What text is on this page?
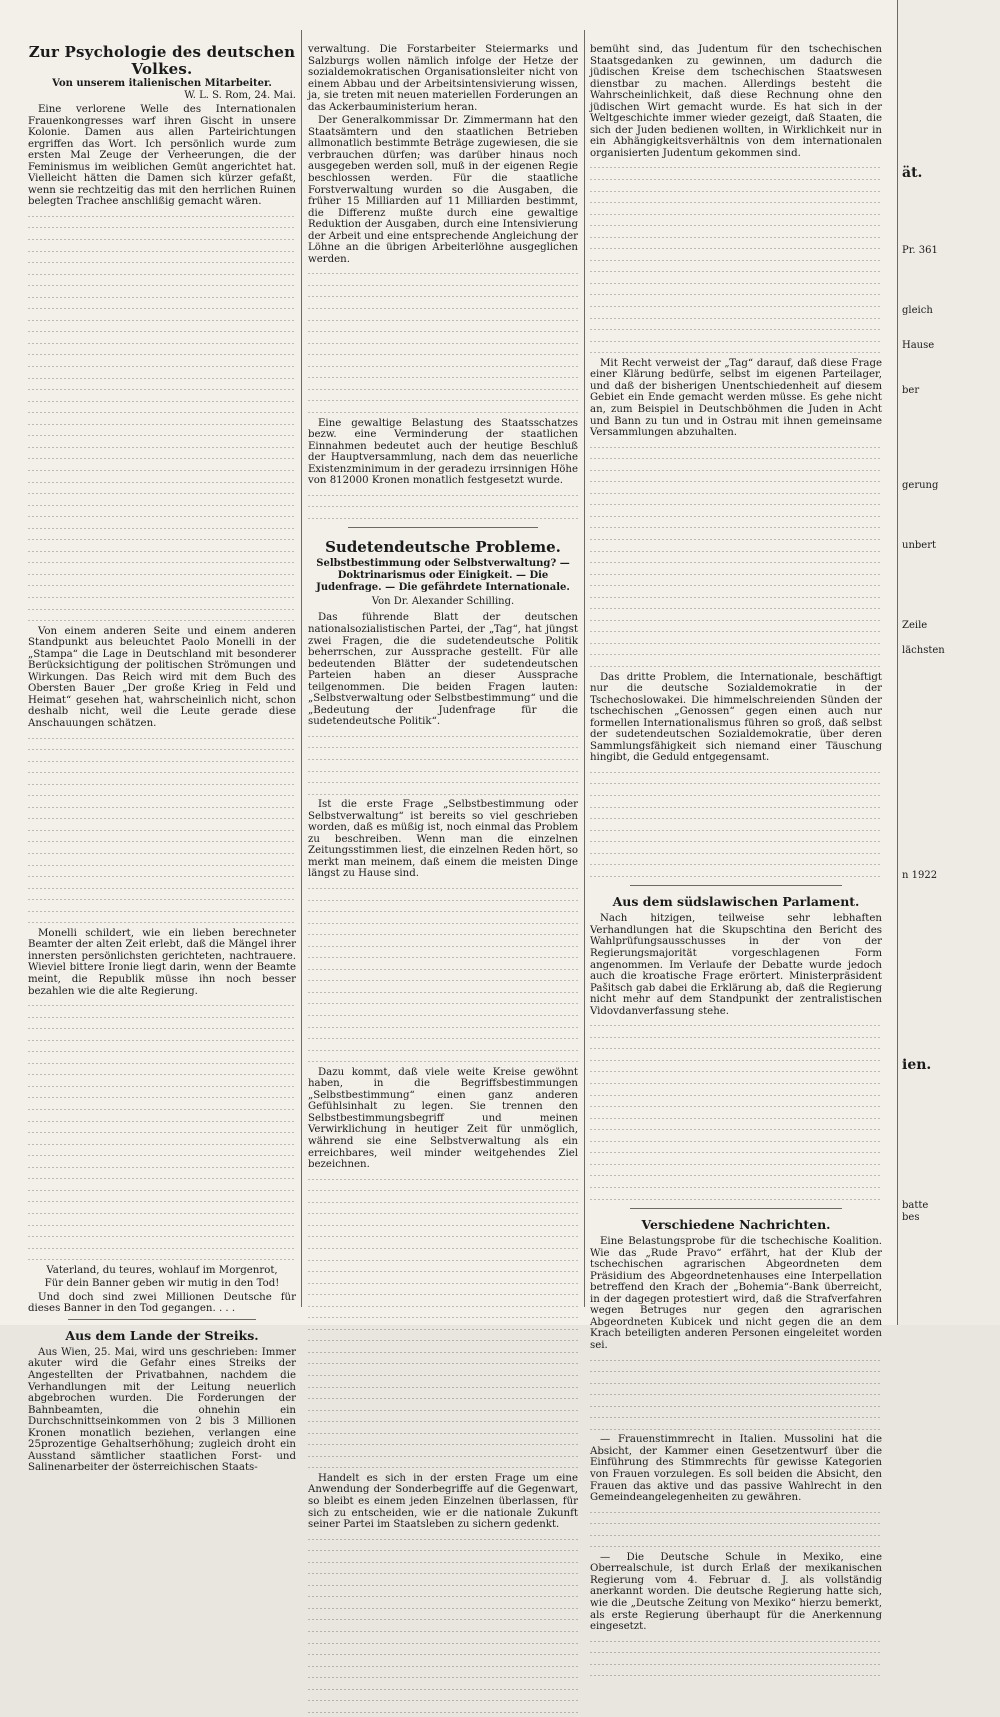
Zur Psychologie des deutschen Volkes.
Von unserem italienischen Mitarbeiter.
W. L. S. Rom, 24. Mai.

Eine verlorene Welle des Internationalen Frauenkongresses warf ihren Gischt in unsere Kolonie. Damen aus allen Parteirichtungen ergriffen das Wort. Ich persönlich wurde zum ersten Mal Zeuge der Verheerungen, die der Feminismus im weiblichen Gemüt angerichtet hat. Vielleicht hätten die Damen sich kürzer gefaßt, wenn sie rechtzeitig das mit den herrlichen Ruinen belegten Trachee anschlißig gemacht wären.

Von einem anderen Seite und einem anderen Standpunkt aus beleuchtet Paolo Monelli in der „Stampa“ die Lage in Deutschland mit besonderer Berücksichtigung der politischen Strömungen und Wirkungen. Das Reich wird mit dem Buch des Obersten Bauer „Der große Krieg in Feld und Heimat“ gesehen hat, wahrscheinlich nicht, schon deshalb nicht, weil die Leute gerade diese Anschauungen schätzen.

Monelli schildert, wie ein lieben berechneter Beamter der alten Zeit erlebt, daß die Mängel ihrer innersten persönlichsten gerichteten, nachtrauere. Wieviel bittere Ironie liegt darin, wenn der Beamte meint, die Republik müsse ihn noch besser bezahlen wie die alte Regierung.

Vaterland, du teures, wohlauf im Morgenrot,

Für dein Banner geben wir mutig in den Tod!

Und doch sind zwei Millionen Deutsche für dieses Banner in den Tod gegangen. . . .

Aus dem Lande der Streiks.

Aus Wien, 25. Mai, wird uns geschrieben: Immer akuter wird die Gefahr eines Streiks der Angestellten der Privatbahnen, nachdem die Verhandlungen mit der Leitung neuerlich abgebrochen wurden. Die Forderungen der Bahnbeamten, die ohnehin ein Durchschnittseinkommen von 2 bis 3 Millionen Kronen monatlich beziehen, verlangen eine 25prozentige Gehaltserhöhung; zugleich droht ein Ausstand sämtlicher staatlichen Forst- und Salinenarbeiter der österreichischen Staats-

verwaltung. Die Forstarbeiter Steiermarks und Salzburgs wollen nämlich infolge der Hetze der sozialdemokratischen Organisationsleiter nicht von einem Abbau und der Arbeitsintensivierung wissen, ja, sie treten mit neuen materiellen Forderungen an das Ackerbauministerium heran.

Der Generalkommissar Dr. Zimmermann hat den Staatsämtern und den staatlichen Betrieben allmonatlich bestimmte Beträge zugewiesen, die sie verbrauchen dürfen; was darüber hinaus noch ausgegeben werden soll, muß in der eigenen Regie beschlossen werden. Für die staatliche Forstverwaltung wurden so die Ausgaben, die früher 15 Milliarden auf 11 Milliarden bestimmt, die Differenz mußte durch eine gewaltige Reduktion der Ausgaben, durch eine Intensivierung der Arbeit und eine entsprechende Angleichung der Löhne an die übrigen Arbeiterlöhne ausgeglichen werden.

Eine gewaltige Belastung des Staatsschatzes bezw. eine Verminderung der staatlichen Einnahmen bedeutet auch der heutige Beschluß der Hauptversammlung, nach dem das neuerliche Existenzminimum in der geradezu irrsinnigen Höhe von 812000 Kronen monatlich festgesetzt wurde.

Sudetendeutsche Probleme.
Selbstbestimmung oder Selbstverwaltung? — Doktrinarismus oder Einigkeit. — Die Judenfrage. — Die gefährdete Internationale.
Von Dr. Alexander Schilling.

Das führende Blatt der deutschen nationalsozialistischen Partei, der „Tag“, hat jüngst zwei Fragen, die die sudetendeutsche Politik beherrschen, zur Aussprache gestellt. Für alle bedeutenden Blätter der sudetendeutschen Parteien haben an dieser Aussprache teilgenommen. Die beiden Fragen lauten: „Selbstverwaltung oder Selbstbestimmung“ und die „Bedeutung der Judenfrage für die sudetendeutsche Politik“.

Ist die erste Frage „Selbstbestimmung oder Selbstverwaltung“ ist bereits so viel geschrieben worden, daß es müßig ist, noch einmal das Problem zu beschreiben. Wenn man die einzelnen Zeitungsstimmen liest, die einzelnen Reden hört, so merkt man meinem, daß einem die meisten Dinge längst zu Hause sind.

Dazu kommt, daß viele weite Kreise gewöhnt haben, in die Begriffsbestimmungen „Selbstbestimmung“ einen ganz anderen Gefühlsinhalt zu legen. Sie trennen den Selbstbestimmungsbegriff und meinen Verwirklichung in heutiger Zeit für unmöglich, während sie eine Selbstverwaltung als ein erreichbares, weil minder weitgehendes Ziel bezeichnen.

Handelt es sich in der ersten Frage um eine Anwendung der Sonderbegriffe auf die Gegenwart, so bleibt es einem jeden Einzelnen überlassen, für sich zu entscheiden, wie er die nationale Zukunft seiner Partei im Staatsleben zu sichern gedenkt.

bemüht sind, das Judentum für den tschechischen Staatsgedanken zu gewinnen, um dadurch die jüdischen Kreise dem tschechischen Staatswesen dienstbar zu machen. Allerdings besteht die Wahrscheinlichkeit, daß diese Rechnung ohne den jüdischen Wirt gemacht wurde. Es hat sich in der Weltgeschichte immer wieder gezeigt, daß Staaten, die sich der Juden bedienen wollten, in Wirklichkeit nur in ein Abhängigkeitsverhältnis von dem internationalen organisierten Judentum gekommen sind.

Mit Recht verweist der „Tag“ darauf, daß diese Frage einer Klärung bedürfe, selbst im eigenen Parteilager, und daß der bisherigen Unentschiedenheit auf diesem Gebiet ein Ende gemacht werden müsse. Es gehe nicht an, zum Beispiel in Deutschböhmen die Juden in Acht und Bann zu tun und in Ostrau mit ihnen gemeinsame Versammlungen abzuhalten.

Das dritte Problem, die Internationale, beschäftigt nur die deutsche Sozialdemokratie in der Tschechoslowakei. Die himmelschreienden Sünden der tschechischen „Genossen“ gegen einen auch nur formellen Internationalismus führen so groß, daß selbst der sudetendeutschen Sozialdemokratie, über deren Sammlungsfähigkeit sich niemand einer Täuschung hingibt, die Geduld entgegensamt.

Aus dem südslawischen Parlament.

Nach hitzigen, teilweise sehr lebhaften Verhandlungen hat die Skupschtina den Bericht des Wahlprüfungsausschusses in der von der Regierungsmajorität vorgeschlagenen Form angenommen. Im Verlaufe der Debatte wurde jedoch auch die kroatische Frage erörtert. Ministerpräsident Pašitsch gab dabei die Erklärung ab, daß die Regierung nicht mehr auf dem Standpunkt der zentralistischen Vidovdanverfassung stehe.

Verschiedene Nachrichten.

Eine Belastungsprobe für die tschechische Koalition. Wie das „Rude Pravo“ erfährt, hat der Klub der tschechischen agrarischen Abgeordneten dem Präsidium des Abgeordnetenhauses eine Interpellation betreffend den Krach der „Bohemia“-Bank überreicht, in der dagegen protestiert wird, daß die Strafverfahren wegen Betruges nur gegen den agrarischen Abgeordneten Kubicek und nicht gegen die an dem Krach beteiligten anderen Personen eingeleitet worden sei.

— Frauenstimmrecht in Italien. Mussolini hat die Absicht, der Kammer einen Gesetzentwurf über die Einführung des Stimmrechts für gewisse Kategorien von Frauen vorzulegen. Es soll beiden die Absicht, den Frauen das aktive und das passive Wahlrecht in den Gemeindeangelegenheiten zu gewähren.

— Die Deutsche Schule in Mexiko, eine Oberrealschule, ist durch Erlaß der mexikanischen Regierung vom 4. Februar d. J. als vollständig anerkannt worden. Die deutsche Regierung hatte sich, wie die „Deutsche Zeitung von Mexiko“ hierzu bemerkt, als erste Regierung überhaupt für die Anerkennung eingesetzt.

ät.
Pr. 361
gleich
Hause
ber
gerung
unbert
Zeile
lächsten
n 1922
ien.
batte
bes
